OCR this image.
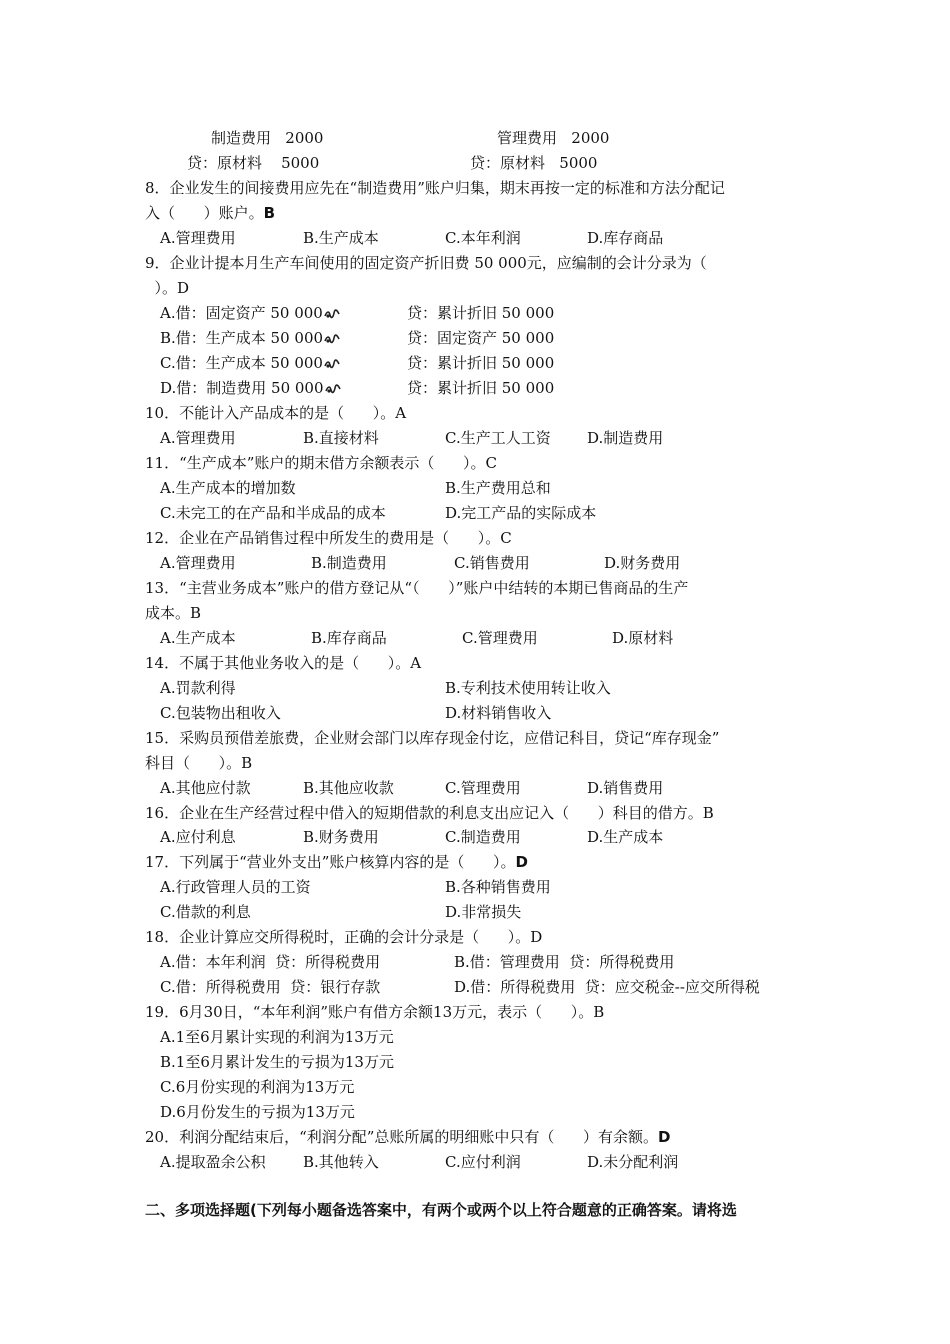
制造费用   2000	管理费用   2000
贷：原材料    5000	贷：原材料   5000
8．企业发生的间接费用应先在“制造费用”账户归集，期末再按一定的标准和方法分配记
入（      ）账户。B
A.管理费用	B.生产成本	C.本年利润	D.库存商品
9．企业计提本月生产车间使用的固定资产折旧费 50 000元，应编制的会计分录为（
）。D
A.借：固定资产 50 000	贷：累计折旧 50 000
B.借：生产成本 50 000	贷：固定资产 50 000
C.借：生产成本 50 000	贷：累计折旧 50 000
D.借：制造费用 50 000	贷：累计折旧 50 000
10．不能计入产品成本的是（      ）。A
A.管理费用	B.直接材料	C.生产工人工资 D.制造费用
11．“生产成本”账户的期末借方余额表示（      ）。C
A.生产成本的增加数	B.生产费用总和
C.未完工的在产品和半成品的成本	D.完工产品的实际成本
12．企业在产品销售过程中所发生的费用是（      ）。C
A.管理费用	B.制造费用	C.销售费用	D.财务费用
13．“主营业务成本”账户的借方登记从“（      ）”账户中结转的本期已售商品的生产
成本。B
A.生产成本	B.库存商品	C.管理费用	D.原材料
14．不属于其他业务收入的是（      ）。A
A.罚款利得	B.专利技术使用转让收入
C.包装物出租收入	D.材料销售收入
15．采购员预借差旅费，企业财会部门以库存现金付讫，应借记科目，贷记“库存现金”
科目（      ）。B
A.其他应付款	B.其他应收款	C.管理费用	D.销售费用
16．企业在生产经营过程中借入的短期借款的利息支出应记入（      ）科目的借方。B
A.应付利息	B.财务费用	C.制造费用	D.生产成本
17．下列属于“营业外支出”账户核算内容的是（      ）。D
A.行政管理人员的工资	B.各种销售费用
C.借款的利息	D.非常损失
18．企业计算应交所得税时，正确的会计分录是（      ）。D
A.借：本年利润  贷：所得税费用	B.借：管理费用  贷：所得税费用
C.借：所得税费用  贷：银行存款	D.借：所得税费用  贷：应交税金--应交所得税
19．6月30日，“本年利润”账户有借方余额13万元，表示（      ）。B
A.1至6月累计实现的利润为13万元
B.1至6月累计发生的亏损为13万元
C.6月份实现的利润为13万元
D.6月份发生的亏损为13万元
20．利润分配结束后，“利润分配”总账所属的明细账中只有（      ）有余额。D
A.提取盈余公积 B.其他转入	C.应付利润	D.未分配利润
二、多项选择题(下列每小题备选答案中，有两个或两个以上符合题意的正确答案。请将选
